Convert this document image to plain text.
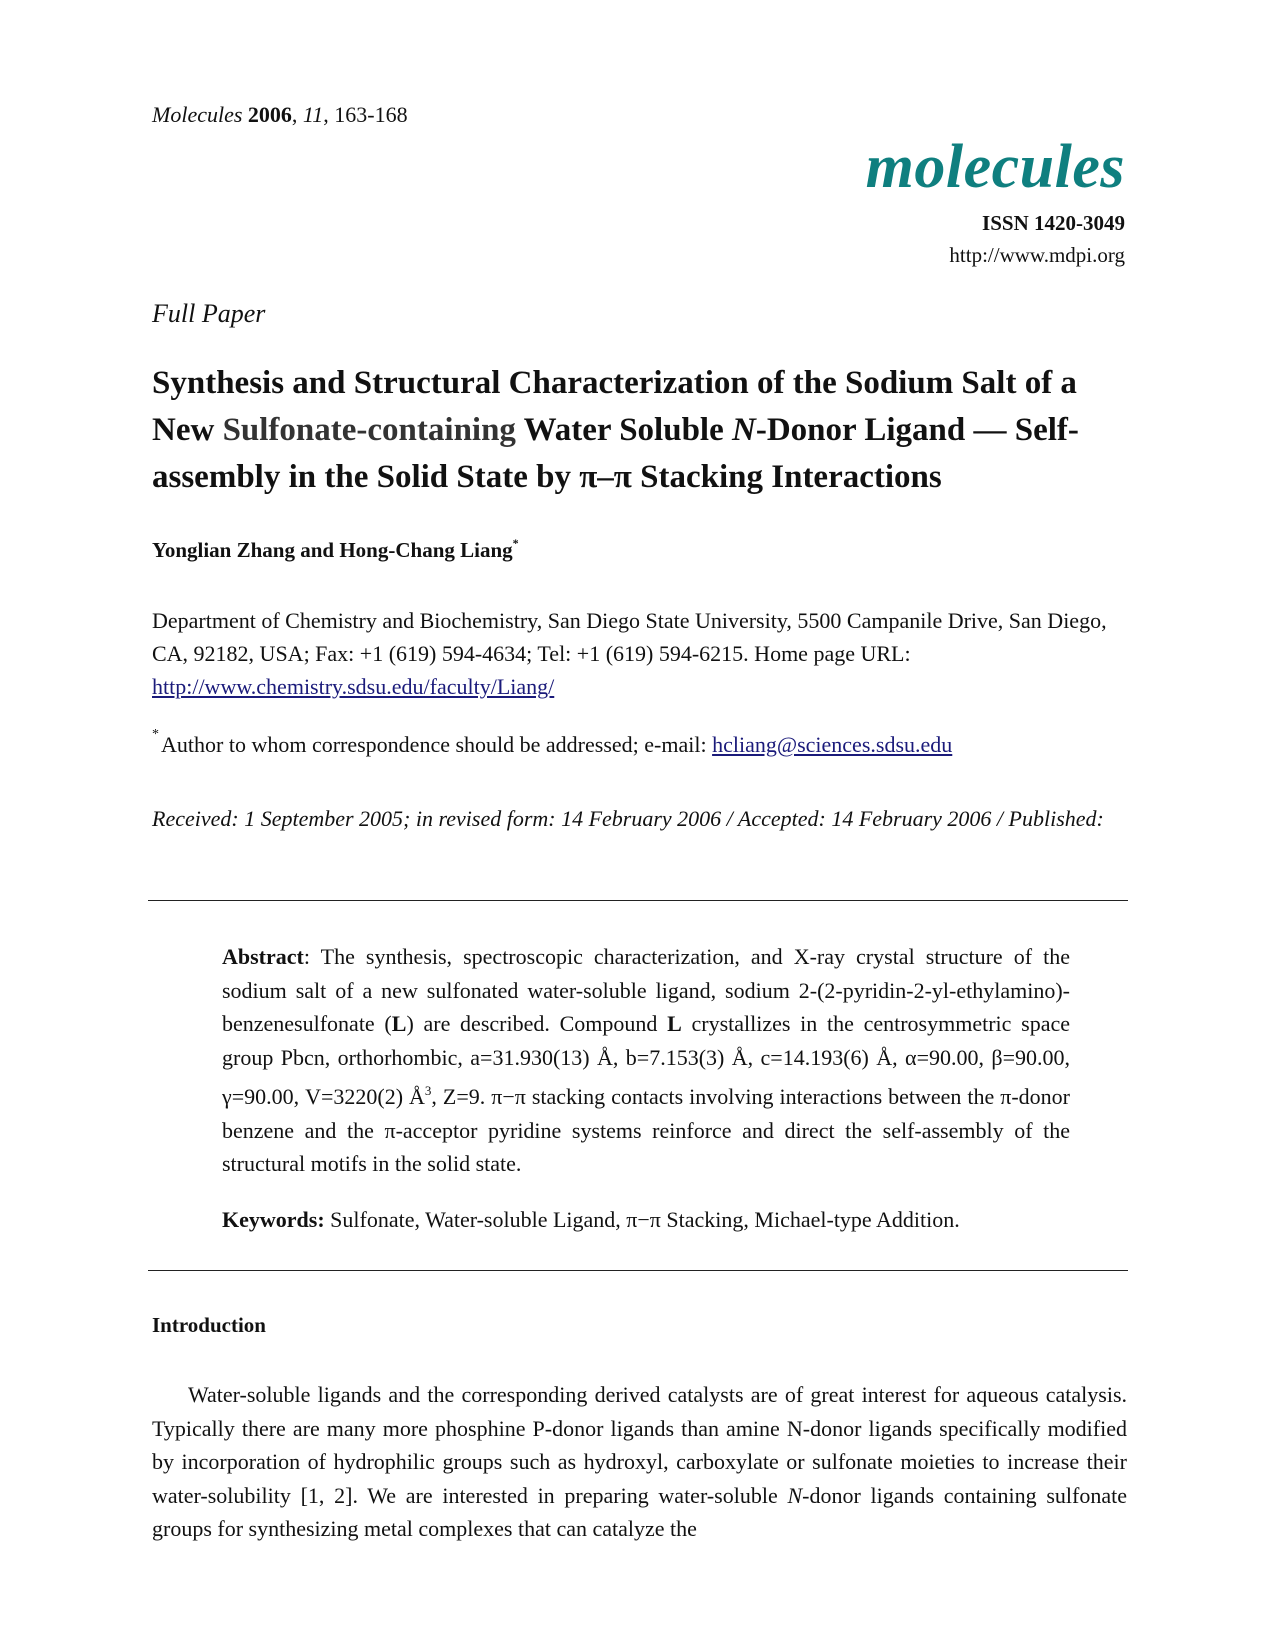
Molecules 2006, 11, 163-168
molecules
ISSN 1420-3049
http://www.mdpi.org
Full Paper
Synthesis and Structural Characterization of the Sodium Salt of a New Sulfonate-containing Water Soluble N-Donor Ligand — Self-assembly in the Solid State by π–π Stacking Interactions
Yonglian Zhang and Hong-Chang Liang*
Department of Chemistry and Biochemistry, San Diego State University, 5500 Campanile Drive, San Diego, CA, 92182, USA; Fax: +1 (619) 594-4634; Tel: +1 (619) 594-6215. Home page URL:
http://www.chemistry.sdsu.edu/faculty/Liang/
*Author to whom correspondence should be addressed; e-mail: hcliang@sciences.sdsu.edu
Received: 1 September 2005; in revised form: 14 February 2006 / Accepted: 14 February 2006 / Published:
Abstract: The synthesis, spectroscopic characterization, and X-ray crystal structure of the sodium salt of a new sulfonated water-soluble ligand, sodium 2-(2-pyridin-2-yl-ethylamino)-benzenesulfonate (L) are described. Compound L crystallizes in the centrosymmetric space group Pbcn, orthorhombic, a=31.930(13) Å, b=7.153(3) Å, c=14.193(6) Å, α=90.00, β=90.00, γ=90.00, V=3220(2) $Å^3$, Z=9. π−π stacking contacts involving interactions between the π-donor benzene and the π-acceptor pyridine systems reinforce and direct the self-assembly of the structural motifs in the solid state.
Keywords: Sulfonate, Water-soluble Ligand, π−π Stacking, Michael-type Addition.
Introduction
Water-soluble ligands and the corresponding derived catalysts are of great interest for aqueous catalysis. Typically there are many more phosphine P-donor ligands than amine N-donor ligands specifically modified by incorporation of hydrophilic groups such as hydroxyl, carboxylate or sulfonate moieties to increase their water-solubility [1, 2]. We are interested in preparing water-soluble N-donor ligands containing sulfonate groups for synthesizing metal complexes that can catalyze the
